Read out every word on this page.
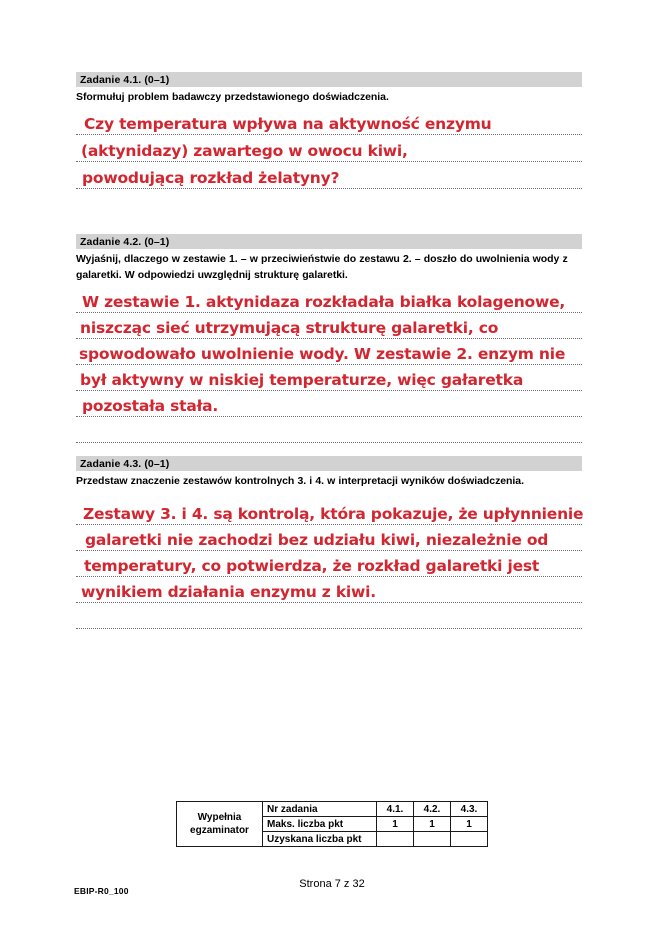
Zadanie 4.1. (0–1)
Sformułuj problem badawczy przedstawionego doświadczenia.
Czy temperatura wpływa na aktywność enzymu
(aktynidazy) zawartego w owocu kiwi,
powodującą rozkład żelatyny?
Zadanie 4.2. (0–1)
Wyjaśnij, dlaczego w zestawie 1. – w przeciwieństwie do zestawu 2. – doszło do uwolnienia wody z galaretki. W odpowiedzi uwzględnij strukturę galaretki.
W zestawie 1. aktynidaza rozkładała białka kolagenowe,
niszcząc sieć utrzymującą strukturę galaretki, co
spowodowało uwolnienie wody. W zestawie 2. enzym nie
był aktywny w niskiej temperaturze, więc gałaretka
pozostała stała.
Zadanie 4.3. (0–1)
Przedstaw znaczenie zestawów kontrolnych 3. i 4. w interpretacji wyników doświadczenia.
Zestawy 3. i 4. są kontrolą, która pokazuje, że upłynnienie
galaretki nie zachodzi bez udziału kiwi, niezależnie od
temperatury, co potwierdza, że rozkład galaretki jest
wynikiem działania enzymu z kiwi.
Wypełnia
egzaminator	Nr zadania	4.1.	4.2.	4.3.
	Maks. liczba pkt	1	1	1
	Uzyskana liczba pkt			
EBIP-R0_100
Strona 7 z 32
